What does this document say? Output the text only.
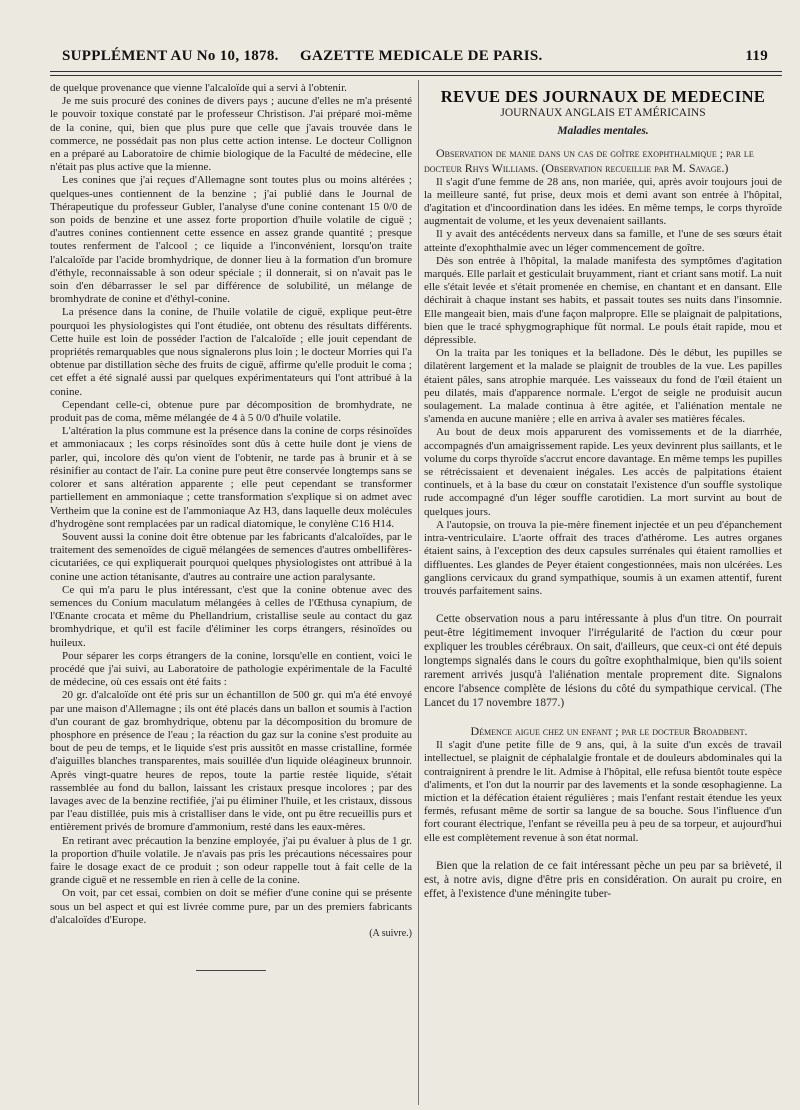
SUPPLÉMENT AU No 10, 1878. GAZETTE MEDICALE DE PARIS.	119

de quelque provenance que vienne l'alcaloïde qui a servi à l'obtenir.

Je me suis procuré des conines de divers pays ; aucune d'elles ne m'a présenté le pouvoir toxique constaté par le professeur Christison. J'ai préparé moi-même de la conine, qui, bien que plus pure que celle que j'avais trouvée dans le commerce, ne possédait pas non plus cette action intense. Le docteur Collignon en a préparé au Laboratoire de chimie biologique de la Faculté de médecine, elle n'était pas plus active que la mienne.

Les conines que j'ai reçues d'Allemagne sont toutes plus ou moins altérées ; quelques-unes contiennent de la benzine ; j'ai publié dans le Journal de Thérapeutique du professeur Gubler, l'analyse d'une conine contenant 15 0/0 de son poids de benzine et une assez forte proportion d'huile volatile de ciguë ; d'autres conines contiennent cette essence en assez grande quantité ; presque toutes renferment de l'alcool ; ce liquide a l'inconvénient, lorsqu'on traite l'alcaloïde par l'acide bromhydrique, de donner lieu à la formation d'un bromure d'éthyle, reconnaissable à son odeur spéciale ; il donnerait, si on n'avait pas le soin d'en débarrasser le sel par différence de solubilité, un mélange de bromhydrate de conine et d'éthyl-conine.

La présence dans la conine, de l'huile volatile de ciguë, explique peut-être pourquoi les physiologistes qui l'ont étudiée, ont obtenu des résultats différents. Cette huile est loin de posséder l'action de l'alcaloïde ; elle jouit cependant de propriétés remarquables que nous signalerons plus loin ; le docteur Morries qui l'a obtenue par distillation sèche des fruits de ciguë, affirme qu'elle produit le coma ; cet effet a été signalé aussi par quelques expérimentateurs qui l'ont attribué à la conine.

Cependant celle-ci, obtenue pure par décomposition de bromhydrate, ne produit pas de coma, même mélangée de 4 à 5 0/0 d'huile volatile.

L'altération la plus commune est la présence dans la conine de corps résinoïdes et ammoniacaux ; les corps résinoïdes sont dûs à cette huile dont je viens de parler, qui, incolore dès qu'on vient de l'obtenir, ne tarde pas à brunir et à se résinifier au contact de l'air. La conine pure peut être conservée longtemps sans se colorer et sans altération apparente ; elle peut cependant se transformer partiellement en ammoniaque ; cette transformation s'explique si on admet avec Vertheim que la conine est de l'ammoniaque Az H3, dans laquelle deux molécules d'hydrogène sont remplacées par un radical diatomique, le conylène C16 H14.

Souvent aussi la conine doit être obtenue par les fabricants d'alcaloïdes, par le traitement des semenoïdes de ciguë mélangées de semences d'autres ombellifères-cicutariées, ce qui expliquerait pourquoi quelques physiologistes ont attribué à la conine une action tétanisante, d'autres au contraire une action paralysante.

Ce qui m'a paru le plus intéressant, c'est que la conine obtenue avec des semences du Conium maculatum mélangées à celles de l'Œthusa cynapium, de l'Œnante crocata et même du Phellandrium, cristallise seule au contact du gaz bromhydrique, et qu'il est facile d'éliminer les corps étrangers, résinoïdes ou huileux.

Pour séparer les corps étrangers de la conine, lorsqu'elle en contient, voici le procédé que j'ai suivi, au Laboratoire de pathologie expérimentale de la Faculté de médecine, où ces essais ont été faits :

20 gr. d'alcaloïde ont été pris sur un échantillon de 500 gr. qui m'a été envoyé par une maison d'Allemagne ; ils ont été placés dans un ballon et soumis à l'action d'un courant de gaz bromhydrique, obtenu par la décomposition du bromure de phosphore en présence de l'eau ; la réaction du gaz sur la conine s'est produite au bout de peu de temps, et le liquide s'est pris aussitôt en masse cristalline, formée d'aiguilles blanches transparentes, mais souillée d'un liquide oléagineux brunnoir. Après vingt-quatre heures de repos, toute la partie restée liquide, s'était rassemblée au fond du ballon, laissant les cristaux presque incolores ; par des lavages avec de la benzine rectifiée, j'ai pu éliminer l'huile, et les cristaux, dissous par l'eau distillée, puis mis à cristalliser dans le vide, ont pu être recueillis purs et entièrement privés de bromure d'ammonium, resté dans les eaux-mères.

En retirant avec précaution la benzine employée, j'ai pu évaluer à plus de 1 gr. la proportion d'huile volatile. Je n'avais pas pris les précautions nécessaires pour faire le dosage exact de ce produit ; son odeur rappelle tout à fait celle de la grande ciguë et ne ressemble en rien à celle de la conine.

On voit, par cet essai, combien on doit se méfier d'une conine qui se présente sous un bel aspect et qui est livrée comme pure, par un des premiers fabricants d'alcaloïdes d'Europe.

(A suivre.)

REVUE DES JOURNAUX DE MEDECINE
JOURNAUX ANGLAIS ET AMÉRICAINS
Maladies mentales.

Observation de manie dans un cas de goître exophthalmique ; par le docteur Rhys Williams. (Observation recueillie par M. Savage.)

Il s'agit d'une femme de 28 ans, non mariée, qui, après avoir toujours joui de la meilleure santé, fut prise, deux mois et demi avant son entrée à l'hôpital, d'agitation et d'incoordination dans les idées. En même temps, le corps thyroïde augmentait de volume, et les yeux devenaient saillants.

Il y avait des antécédents nerveux dans sa famille, et l'une de ses sœurs était atteinte d'exophthalmie avec un léger commencement de goître.

Dès son entrée à l'hôpital, la malade manifesta des symptômes d'agitation marqués. Elle parlait et gesticulait bruyamment, riant et criant sans motif. La nuit elle s'était levée et s'était promenée en chemise, en chantant et en dansant. Elle déchirait à chaque instant ses habits, et passait toutes ses nuits dans l'insomnie. Elle mangeait bien, mais d'une façon malpropre. Elle se plaignait de palpitations, bien que le tracé sphygmographique fût normal. Le pouls était rapide, mou et dépressible.

On la traita par les toniques et la belladone. Dès le début, les pupilles se dilatèrent largement et la malade se plaignit de troubles de la vue. Les papilles étaient pâles, sans atrophie marquée. Les vaisseaux du fond de l'œil étaient un peu dilatés, mais d'apparence normale. L'ergot de seigle ne produisit aucun soulagement. La malade continua à être agitée, et l'aliénation mentale ne s'amenda en aucune manière ; elle en arriva à avaler ses matières fécales.

Au bout de deux mois apparurent des vomissements et de la diarrhée, accompagnés d'un amaigrissement rapide. Les yeux devinrent plus saillants, et le volume du corps thyroïde s'accrut encore davantage. En même temps les pupilles se rétrécissaient et devenaient inégales. Les accès de palpitations étaient continuels, et à la base du cœur on constatait l'existence d'un souffle systolique rude accompagné d'un léger souffle carotidien. La mort survint au bout de quelques jours.

A l'autopsie, on trouva la pie-mère finement injectée et un peu d'épanchement intra-ventriculaire. L'aorte offrait des traces d'athérome. Les autres organes étaient sains, à l'exception des deux capsules surrénales qui étaient ramollies et diffluentes. Les glandes de Peyer étaient congestionnées, mais non ulcérées. Les ganglions cervicaux du grand sympathique, soumis à un examen attentif, furent trouvés parfaitement sains.

Cette observation nous a paru intéressante à plus d'un titre. On pourrait peut-être légitimement invoquer l'irrégularité de l'action du cœur pour expliquer les troubles cérébraux. On sait, d'ailleurs, que ceux-ci ont été depuis longtemps signalés dans le cours du goître exophthalmique, bien qu'ils soient rarement arrivés jusqu'à l'aliénation mentale proprement dite. Signalons encore l'absence complète de lésions du côté du sympathique cervical. (The Lancet du 17 novembre 1877.)

Démence aigue chez un enfant ; par le docteur Broadbent.

Il s'agit d'une petite fille de 9 ans, qui, à la suite d'un excès de travail intellectuel, se plaignit de céphalalgie frontale et de douleurs abdominales qui la contraignirent à prendre le lit. Admise à l'hôpital, elle refusa bientôt toute espèce d'aliments, et l'on dut la nourrir par des lavements et la sonde œsophagienne. La miction et la défécation étaient régulières ; mais l'enfant restait étendue les yeux fermés, refusant même de sortir sa langue de sa bouche. Sous l'influence d'un fort courant électrique, l'enfant se réveilla peu à peu de sa torpeur, et aujourd'hui elle est complètement revenue à son état normal.

Bien que la relation de ce fait intéressant pèche un peu par sa brièveté, il est, à notre avis, digne d'être pris en considération. On aurait pu croire, en effet, à l'existence d'une méningite tuber-
